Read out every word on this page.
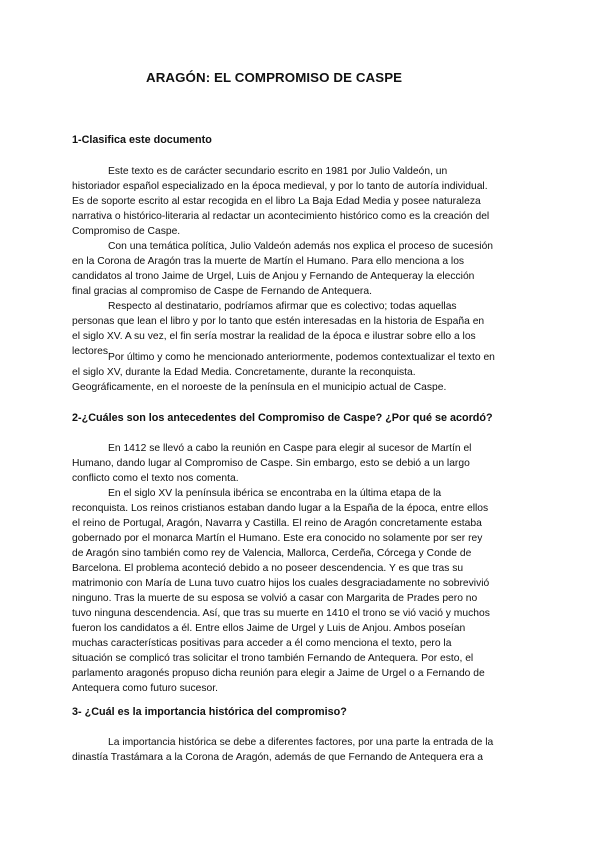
ARAGÓN: EL COMPROMISO DE CASPE
1-Clasifica este documento
Este texto es de carácter secundario escrito en 1981 por Julio Valdeón, un
historiador español especializado en la época medieval, y por lo tanto de autoría individual.
Es de soporte escrito al estar recogida en el libro La Baja Edad Media y posee naturaleza
narrativa o histórico-literaria al redactar un acontecimiento histórico como es la creación del
Compromiso de Caspe.
Con una temática política, Julio Valdeón además nos explica el proceso de sucesión
en la Corona de Aragón tras la muerte de Martín el Humano. Para ello menciona a los
candidatos al trono Jaime de Urgel, Luis de Anjou y Fernando de Antequeray la elección
final gracias al compromiso de Caspe de Fernando de Antequera.
Respecto al destinatario, podríamos afirmar que es colectivo; todas aquellas
personas que lean el libro y por lo tanto que estén interesadas en la historia de España en
el siglo XV. A su vez, el fin sería mostrar la realidad de la época e ilustrar sobre ello a los
lectores.
Por último y como he mencionado anteriormente, podemos contextualizar el texto en
el siglo XV, durante la Edad Media. Concretamente, durante la reconquista.
Geográficamente, en el noroeste de la península en el municipio actual de Caspe.
2-¿Cuáles son los antecedentes del Compromiso de Caspe? ¿Por qué se acordó?
En 1412 se llevó a cabo la reunión en Caspe para elegir al sucesor de Martín el
Humano, dando lugar al Compromiso de Caspe. Sin embargo, esto se debió a un largo
conflicto como el texto nos comenta.
En el siglo XV la península ibérica se encontraba en la última etapa de la
reconquista. Los reinos cristianos estaban dando lugar a la España de la época, entre ellos
el reino de Portugal, Aragón, Navarra y Castilla. El reino de Aragón concretamente estaba
gobernado por el monarca Martín el Humano. Este era conocido no solamente por ser rey
de Aragón sino también como rey de Valencia, Mallorca, Cerdeña, Córcega y Conde de
Barcelona. El problema aconteció debido a no poseer descendencia. Y es que tras su
matrimonio con María de Luna tuvo cuatro hijos los cuales desgraciadamente no sobrevivió
ninguno. Tras la muerte de su esposa se volvió a casar con Margarita de Prades pero no
tuvo ninguna descendencia. Así, que tras su muerte en 1410 el trono se vió vació y muchos
fueron los candidatos a él. Entre ellos Jaime de Urgel y Luis de Anjou. Ambos poseían
muchas características positivas para acceder a él como menciona el texto, pero la
situación se complicó tras solicitar el trono también Fernando de Antequera. Por esto, el
parlamento aragonés propuso dicha reunión para elegir a Jaime de Urgel o a Fernando de
Antequera como futuro sucesor.
3- ¿Cuál es la importancia histórica del compromiso?
La importancia histórica se debe a diferentes factores, por una parte la entrada de la
dinastía Trastámara a la Corona de Aragón, además de que Fernando de Antequera era a
